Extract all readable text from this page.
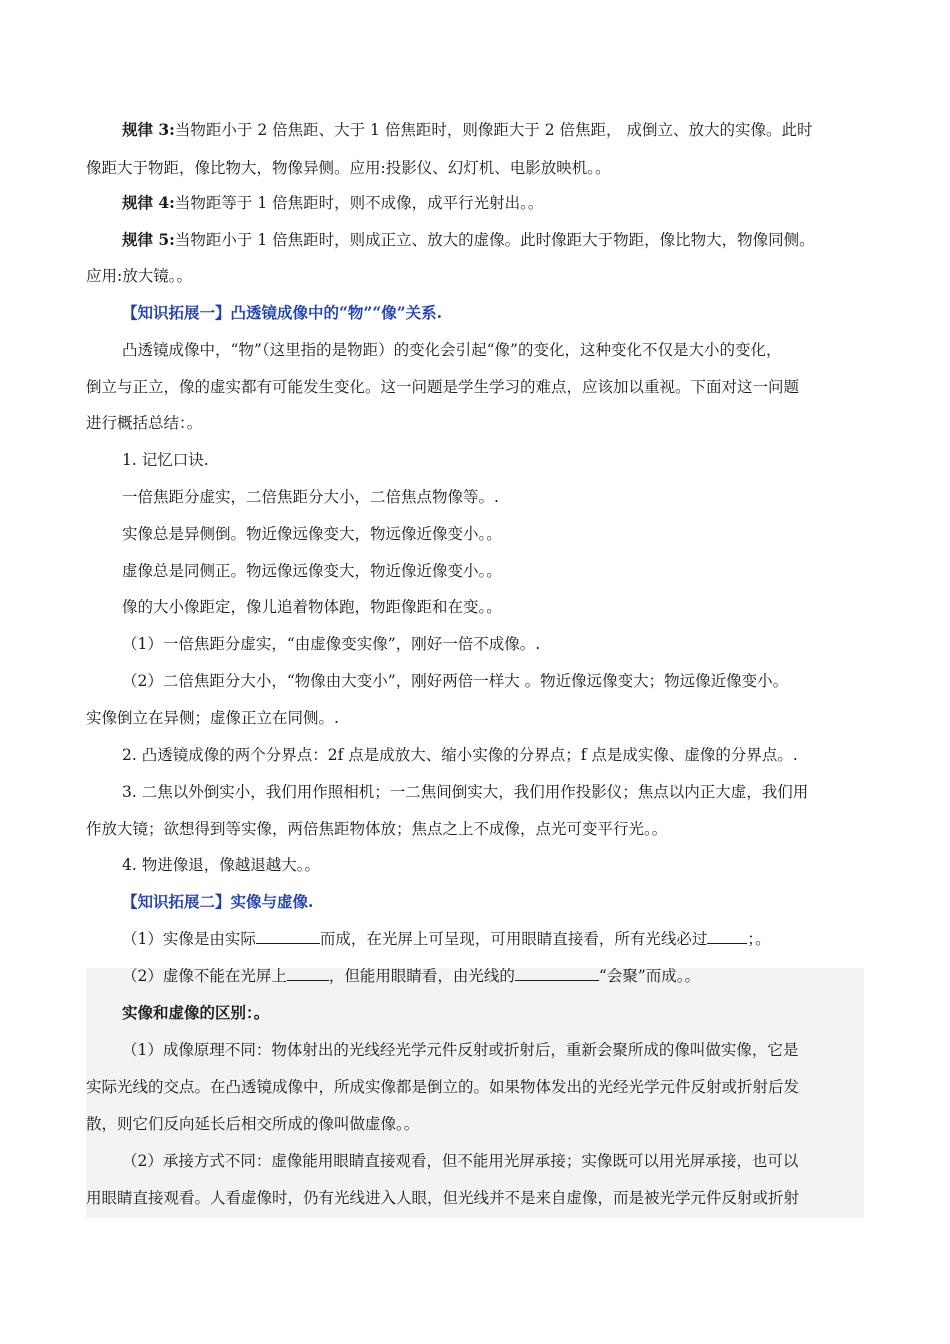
规律 3:当物距小于 2 倍焦距、大于 1 倍焦距时，则像距大于 2 倍焦距， 成倒立、放大的实像。此时
像距大于物距，像比物大，物像异侧。应用:投影仪、幻灯机、电影放映机。。
规律 4:当物距等于 1 倍焦距时，则不成像，成平行光射出。。
规律 5:当物距小于 1 倍焦距时，则成正立、放大的虚像。此时像距大于物距，像比物大，物像同侧。
应用:放大镜。。
【知识拓展一】凸透镜成像中的“物”“像”关系.
凸透镜成像中，“物”（这里指的是物距）的变化会引起“像”的变化，这种变化不仅是大小的变化，
倒立与正立，像的虚实都有可能发生变化。这一问题是学生学习的难点，应该加以重视。下面对这一问题
进行概括总结：。
1. 记忆口诀.
一倍焦距分虚实，二倍焦距分大小，二倍焦点物像等。.
实像总是异侧倒。物近像远像变大，物远像近像变小。。
虚像总是同侧正。物远像远像变大，物近像近像变小。。
像的大小像距定，像儿追着物体跑，物距像距和在变。。
（1）一倍焦距分虚实，“由虚像变实像”，刚好一倍不成像。.
（2）二倍焦距分大小，“物像由大变小”，刚好两倍一样大 。物近像远像变大；物远像近像变小。
实像倒立在异侧；虚像正立在同侧。.
2. 凸透镜成像的两个分界点：2f 点是成放大、缩小实像的分界点；f 点是成实像、虚像的分界点。.
3. 二焦以外倒实小，我们用作照相机；一二焦间倒实大，我们用作投影仪；焦点以内正大虚，我们用
作放大镜；欲想得到等实像，两倍焦距物体放；焦点之上不成像，点光可变平行光。。
4. 物进像退，像越退越大。。
【知识拓展二】实像与虚像.
（1）实像是由实际	而成，在光屏上可呈现，可用眼睛直接看，所有光线必过	；。
（2）虚像不能在光屏上	，但能用眼睛看，由光线的	“会聚”而成。。
实像和虚像的区别：。
（1）成像原理不同：物体射出的光线经光学元件反射或折射后，重新会聚所成的像叫做实像，它是
实际光线的交点。在凸透镜成像中，所成实像都是倒立的。如果物体发出的光经光学元件反射或折射后发
散，则它们反向延长后相交所成的像叫做虚像。。
（2）承接方式不同：虚像能用眼睛直接观看，但不能用光屏承接；实像既可以用光屏承接，也可以
用眼睛直接观看。人看虚像时，仍有光线进入人眼，但光线并不是来自虚像，而是被光学元件反射或折射
